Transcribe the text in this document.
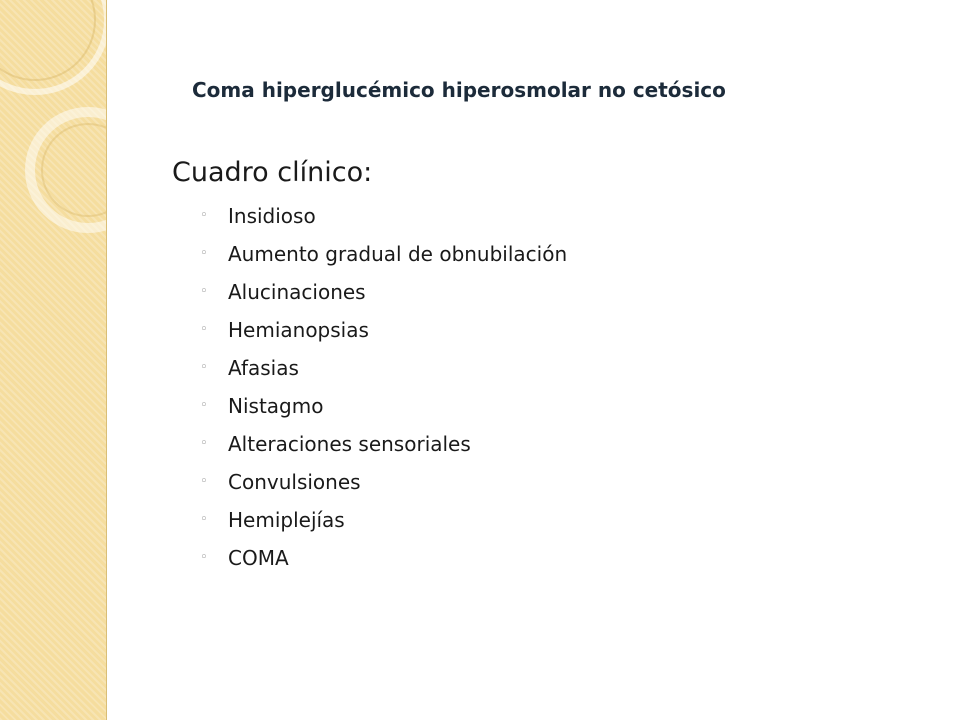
Coma hiperglucémico hiperosmolar no cetósico
Cuadro clínico:
◦ Insidioso
◦ Aumento gradual de obnubilación
◦ Alucinaciones
◦ Hemianopsias
◦ Afasias
◦ Nistagmo
◦ Alteraciones sensoriales
◦ Convulsiones
◦ Hemiplejías
◦ COMA
